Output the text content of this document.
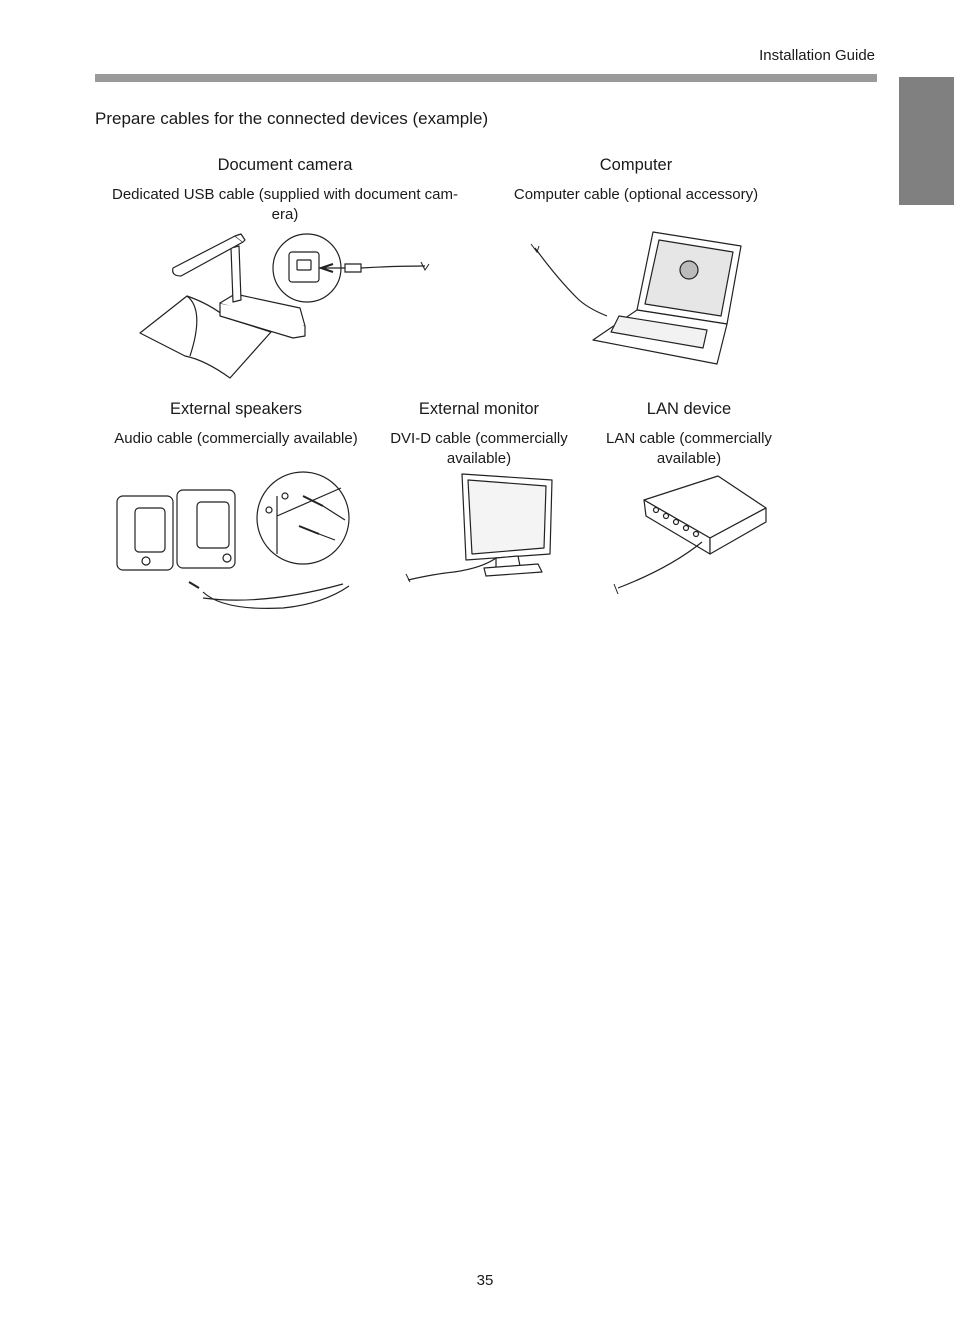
Installation Guide
Prepare cables for the connected devices (example)
Document camera
Dedicated USB cable (supplied with document cam-
era)
Computer
Computer cable (optional accessory)
External speakers
Audio cable (commercially available)
External monitor
DVI-D cable (commercially available)
LAN device
LAN cable (commercially available)
35
